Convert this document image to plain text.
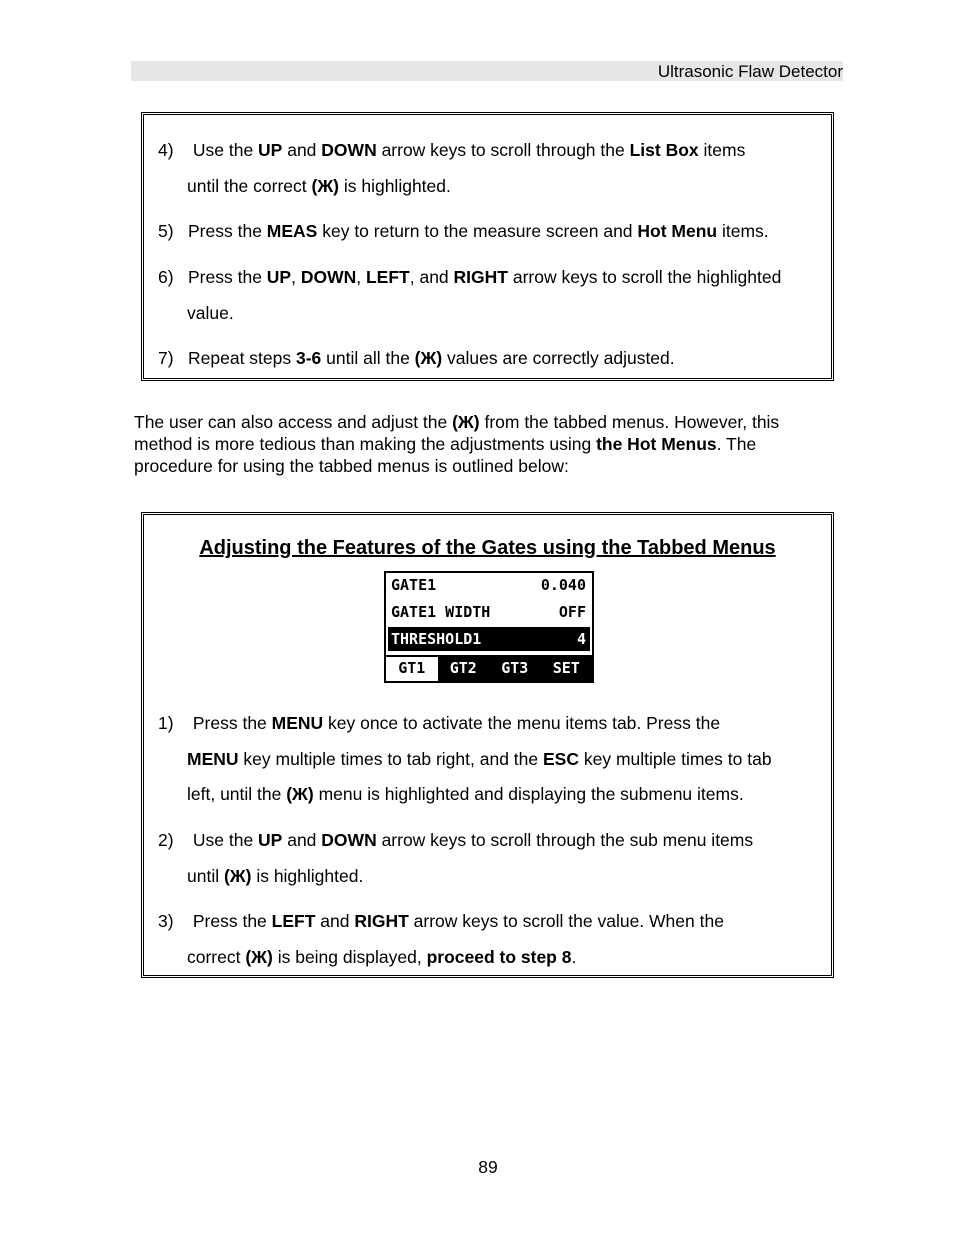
Ultrasonic Flaw Detector
4) Use the UP and DOWN arrow keys to scroll through the List Box items
until the correct (Ж) is highlighted.
5) Press the MEAS key to return to the measure screen and Hot Menu items.
6) Press the UP, DOWN, LEFT, and RIGHT arrow keys to scroll the highlighted
value.
7) Repeat steps 3-6 until all the (Ж) values are correctly adjusted.
The user can also access and adjust the (Ж) from the tabbed menus. However, this method is more tedious than making the adjustments using the Hot Menus. The procedure for using the tabbed menus is outlined below:
Adjusting the Features of the Gates using the Tabbed Menus
GATE1	0.040
GATE1 WIDTH	OFF
THRESHOLD1	4
GT1	GT2	GT3	SET
1) Press the MENU key once to activate the menu items tab. Press the
MENU key multiple times to tab right, and the ESC key multiple times to tab
left, until the (Ж) menu is highlighted and displaying the submenu items.
2) Use the UP and DOWN arrow keys to scroll through the sub menu items
until (Ж) is highlighted.
3) Press the LEFT and RIGHT arrow keys to scroll the value. When the
correct (Ж) is being displayed, proceed to step 8.
89
